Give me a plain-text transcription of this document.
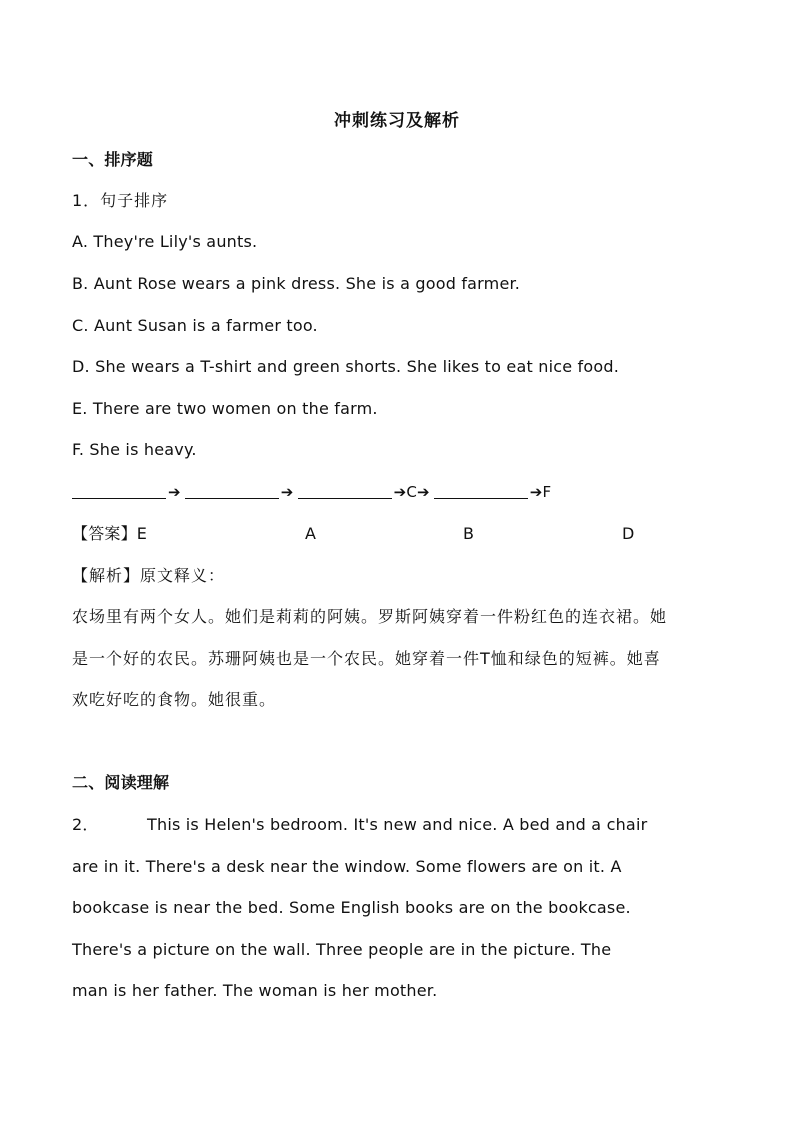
冲刺练习及解析
一、排序题
1．句子排序
A. They're Lily's aunts.
B. Aunt Rose wears a pink dress. She is a good farmer.
C. Aunt Susan is a farmer too.
D. She wears a T-shirt and green shorts. She likes to eat nice food.
E. There are two women on the farm.
F. She is heavy.
➔	➔	➔C➔	➔F
【答案】E	A	B	D
【解析】原文释义：
农场里有两个女人。她们是莉莉的阿姨。罗斯阿姨穿着一件粉红色的连衣裙。她
是一个好的农民。苏珊阿姨也是一个农民。她穿着一件T恤和绿色的短裤。她喜
欢吃好吃的食物。她很重。
二、阅读理解
2．	This is Helen's bedroom. It's new and nice. A bed and a chair
are in it. There's a desk near the window. Some flowers are on it. A
bookcase is near the bed. Some English books are on the bookcase.
There's a picture on the wall. Three people are in the picture. The
man is her father. The woman is her mother.
